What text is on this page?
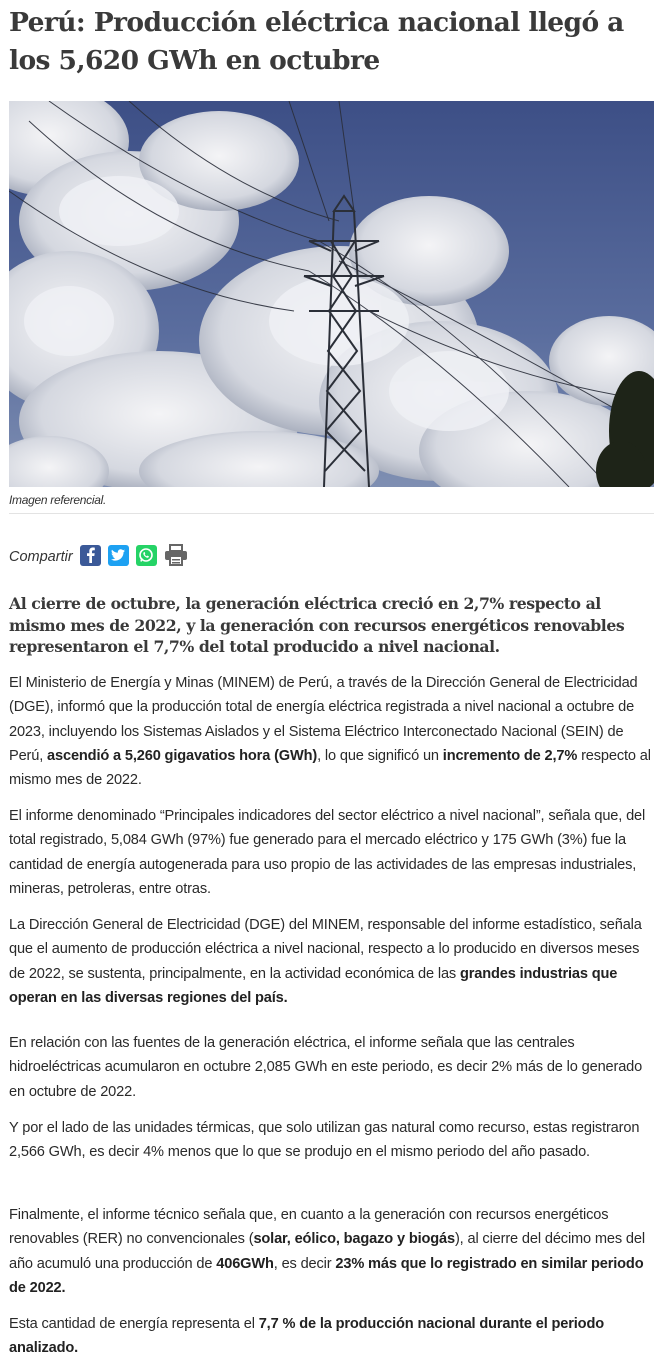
Perú: Producción eléctrica nacional llegó a los 5,620 GWh en octubre
Imagen referencial.
Compartir
Al cierre de octubre, la generación eléctrica creció en 2,7% respecto al mismo mes de 2022, y la generación con recursos energéticos renovables representaron el 7,7% del total producido a nivel nacional.

El Ministerio de Energía y Minas (MINEM) de Perú, a través de la Dirección General de Electricidad (DGE), informó que la producción total de energía eléctrica registrada a nivel nacional a octubre de 2023, incluyendo los Sistemas Aislados y el Sistema Eléctrico Interconectado Nacional (SEIN) de Perú, ascendió a 5,260 gigavatios hora (GWh), lo que significó un incremento de 2,7% respecto al mismo mes de 2022.

El informe denominado “Principales indicadores del sector eléctrico a nivel nacional”, señala que, del total registrado, 5,084 GWh (97%) fue generado para el mercado eléctrico y 175 GWh (3%) fue la cantidad de energía autogenerada para uso propio de las actividades de las empresas industriales, mineras, petroleras, entre otras.

La Dirección General de Electricidad (DGE) del MINEM, responsable del informe estadístico, señala que el aumento de producción eléctrica a nivel nacional, respecto a lo producido en diversos meses de 2022, se sustenta, principalmente, en la actividad económica de las grandes industrias que operan en las diversas regiones del país.

En relación con las fuentes de la generación eléctrica, el informe señala que las centrales hidroeléctricas acumularon en octubre 2,085 GWh en este periodo, es decir 2% más de lo generado en octubre de 2022.

Y por el lado de las unidades térmicas, que solo utilizan gas natural como recurso, estas registraron 2,566 GWh, es decir 4% menos que lo que se produjo en el mismo periodo del año pasado.

Finalmente, el informe técnico señala que, en cuanto a la generación con recursos energéticos renovables (RER) no convencionales (solar, eólico, bagazo y biogás), al cierre del décimo mes del año acumuló una producción de 406GWh, es decir 23% más que lo registrado en similar periodo de 2022.

Esta cantidad de energía representa el 7,7 % de la producción nacional durante el periodo analizado.
